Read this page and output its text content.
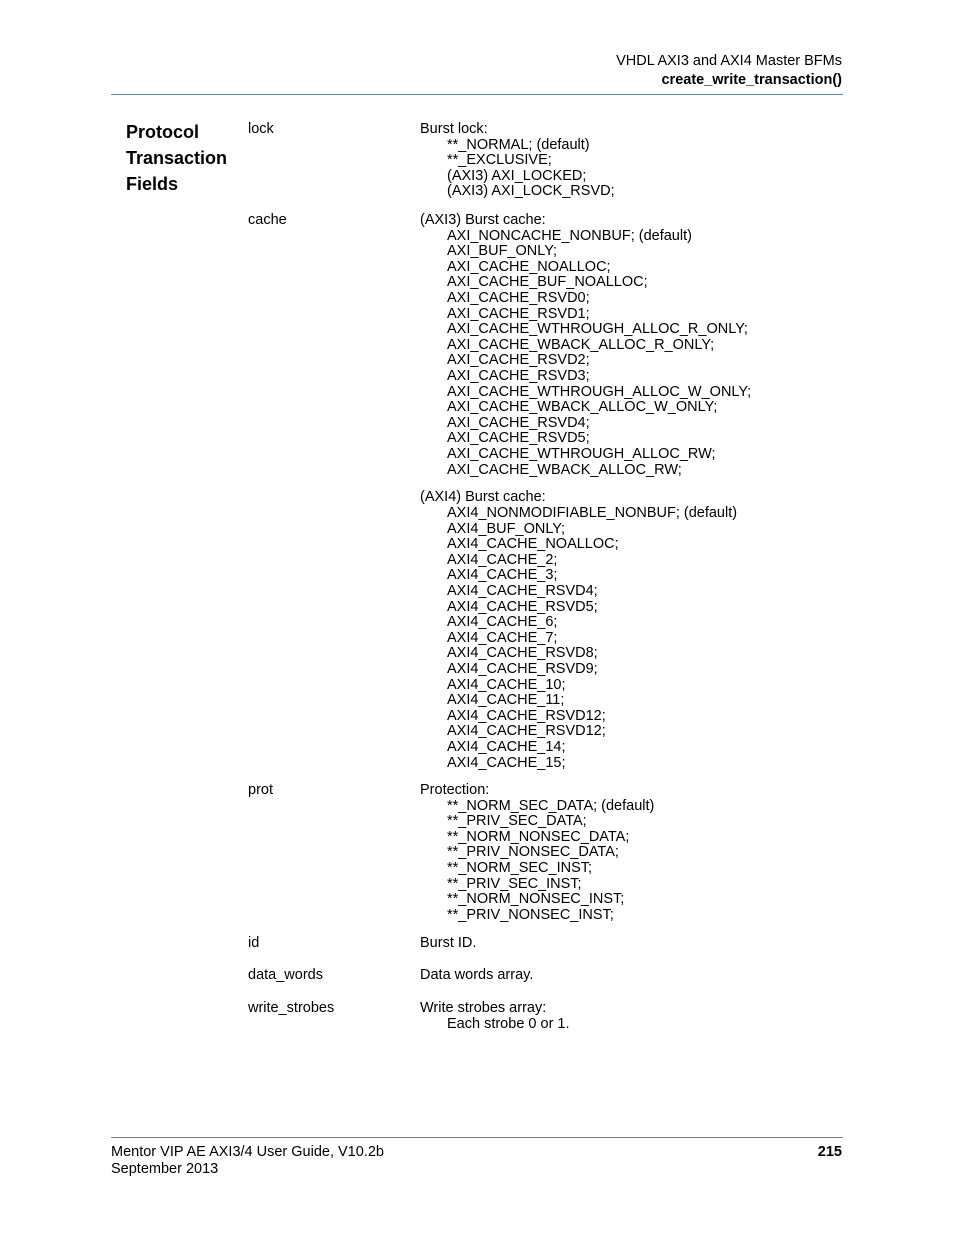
VHDL AXI3 and AXI4 Master BFMs
create_write_transaction()
Protocol
Transaction
Fields
lock	Burst lock:
**_NORMAL; (default)
**_EXCLUSIVE;
(AXI3) AXI_LOCKED;
(AXI3) AXI_LOCK_RSVD;
cache	(AXI3) Burst cache:
AXI_NONCACHE_NONBUF; (default)
AXI_BUF_ONLY;
AXI_CACHE_NOALLOC;
AXI_CACHE_BUF_NOALLOC;
AXI_CACHE_RSVD0;
AXI_CACHE_RSVD1;
AXI_CACHE_WTHROUGH_ALLOC_R_ONLY;
AXI_CACHE_WBACK_ALLOC_R_ONLY;
AXI_CACHE_RSVD2;
AXI_CACHE_RSVD3;
AXI_CACHE_WTHROUGH_ALLOC_W_ONLY;
AXI_CACHE_WBACK_ALLOC_W_ONLY;
AXI_CACHE_RSVD4;
AXI_CACHE_RSVD5;
AXI_CACHE_WTHROUGH_ALLOC_RW;
AXI_CACHE_WBACK_ALLOC_RW;
(AXI4) Burst cache:
AXI4_NONMODIFIABLE_NONBUF; (default)
AXI4_BUF_ONLY;
AXI4_CACHE_NOALLOC;
AXI4_CACHE_2;
AXI4_CACHE_3;
AXI4_CACHE_RSVD4;
AXI4_CACHE_RSVD5;
AXI4_CACHE_6;
AXI4_CACHE_7;
AXI4_CACHE_RSVD8;
AXI4_CACHE_RSVD9;
AXI4_CACHE_10;
AXI4_CACHE_11;
AXI4_CACHE_RSVD12;
AXI4_CACHE_RSVD12;
AXI4_CACHE_14;
AXI4_CACHE_15;
prot	Protection:
**_NORM_SEC_DATA; (default)
**_PRIV_SEC_DATA;
**_NORM_NONSEC_DATA;
**_PRIV_NONSEC_DATA;
**_NORM_SEC_INST;
**_PRIV_SEC_INST;
**_NORM_NONSEC_INST;
**_PRIV_NONSEC_INST;
id	Burst ID.
data_words	Data words array.
write_strobes	Write strobes array:
Each strobe 0 or 1.
Mentor VIP AE AXI3/4 User Guide, V10.2b
September 2013
215
